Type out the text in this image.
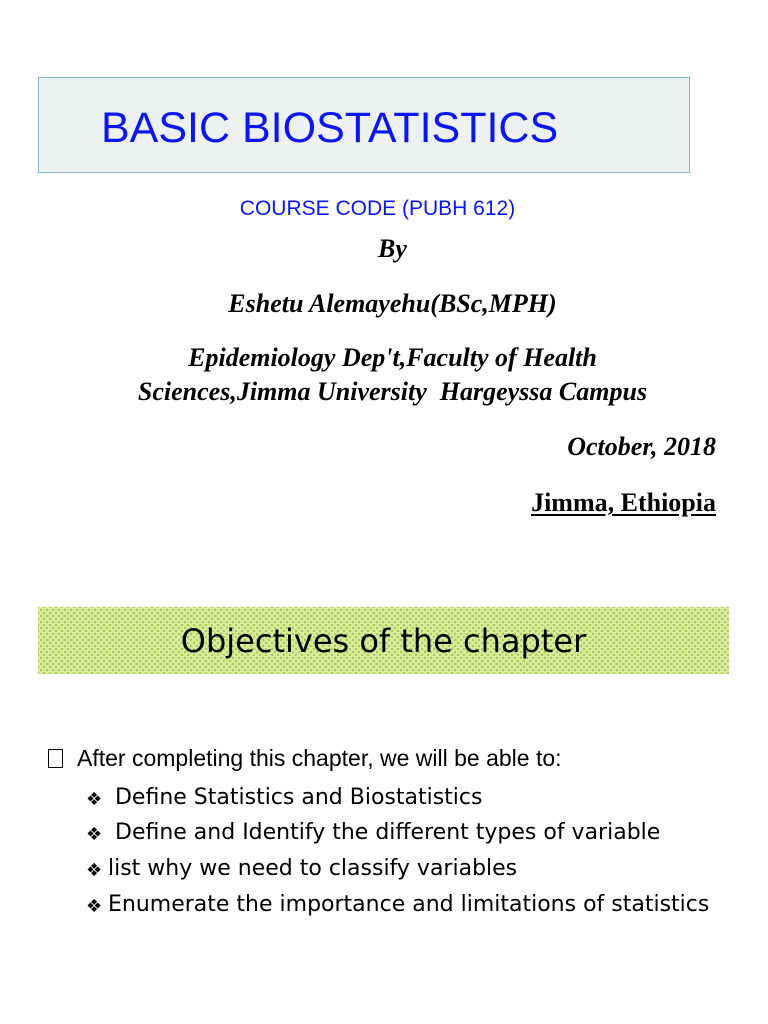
BASIC BIOSTATISTICS
COURSE CODE (PUBH 612)
By
Eshetu Alemayehu(BSc,MPH)
Epidemiology Dep't,Faculty of Health
Sciences,Jimma University  Hargeyssa Campus
October, 2018
Jimma, Ethiopia
Objectives of the chapter
After completing this chapter, we will be able to:
❖ Define Statistics and Biostatistics
❖ Define and Identify the different types of variable
❖ list why we need to classify variables
❖ Enumerate the importance and limitations of statistics
